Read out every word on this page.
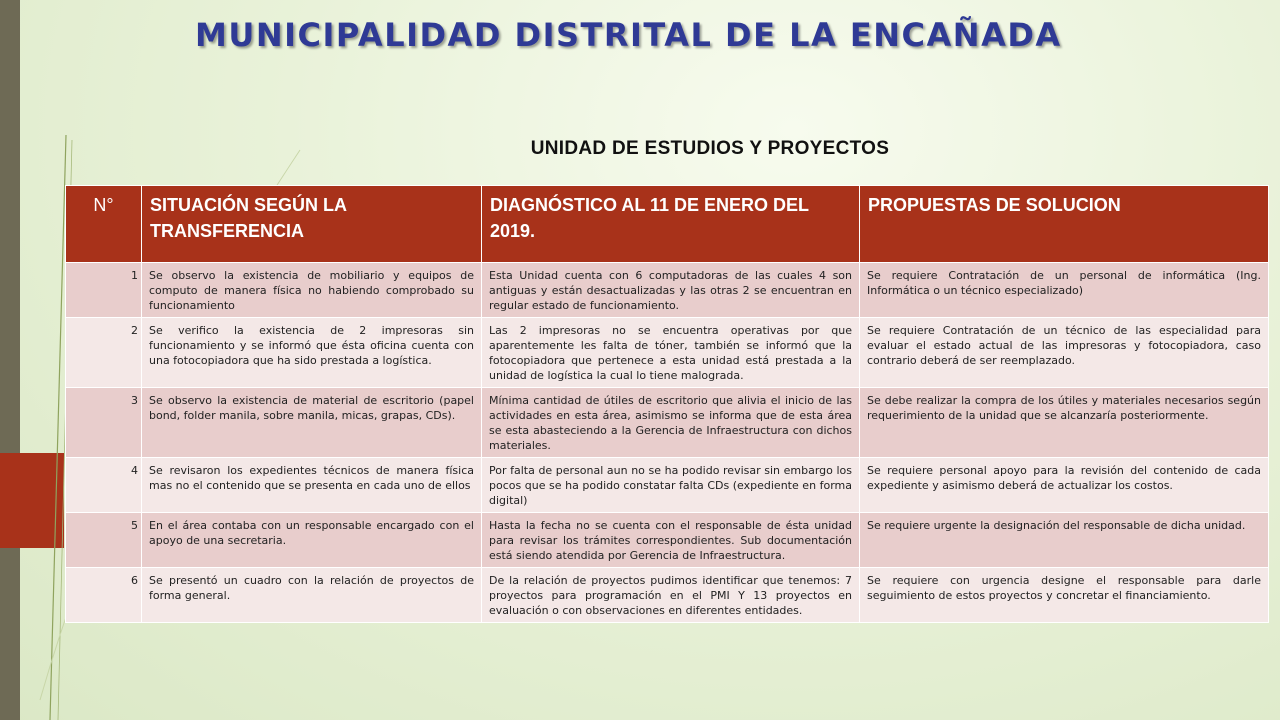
MUNICIPALIDAD DISTRITAL DE LA ENCAÑADA
UNIDAD DE ESTUDIOS Y PROYECTOS
N°	SITUACIÓN SEGÚN LA TRANSFERENCIA	DIAGNÓSTICO AL 11 DE ENERO DEL 2019.	PROPUESTAS DE SOLUCION
1	Se observo la existencia de mobiliario y equipos de computo de manera física no habiendo comprobado su funcionamiento	Esta Unidad cuenta con 6 computadoras de las cuales 4 son antiguas y están desactualizadas y las otras 2 se encuentran en regular estado de funcionamiento.	Se requiere Contratación de un personal de informática (Ing. Informática o un técnico especializado)
2	Se verifico la existencia de 2 impresoras sin funcionamiento y se informó que ésta oficina cuenta con una fotocopiadora que ha sido prestada a logística.	Las 2 impresoras no se encuentra operativas por que aparentemente les falta de tóner, también se informó que la fotocopiadora que pertenece a esta unidad está prestada a la unidad de logística la cual lo tiene malograda.	Se requiere Contratación de un técnico de las especialidad para evaluar el estado actual de las impresoras y fotocopiadora, caso contrario deberá de ser reemplazado.
3	Se observo la existencia de material de escritorio (papel bond, folder manila, sobre manila, micas, grapas, CDs).	Mínima cantidad de útiles de escritorio que alivia el inicio de las actividades en esta área, asimismo se informa que de esta área se esta abasteciendo a la Gerencia de Infraestructura con dichos materiales.	Se debe realizar la compra de los útiles y materiales necesarios según requerimiento de la unidad que se alcanzaría posteriormente.
4	Se revisaron los expedientes técnicos de manera física mas no el contenido que se presenta en cada uno de ellos	Por falta de personal aun no se ha podido revisar sin embargo los pocos que se ha podido constatar falta CDs (expediente en forma digital)	Se requiere personal apoyo para la revisión del contenido de cada expediente y asimismo deberá de actualizar los costos.
5	En el área contaba con un responsable encargado con el apoyo de una secretaria.	Hasta la fecha no se cuenta con el responsable de ésta unidad para revisar los trámites correspondientes. Sub documentación está siendo atendida por Gerencia de Infraestructura.	Se requiere urgente la designación del responsable de dicha unidad.
6	Se presentó un cuadro con la relación de proyectos de forma general.	De la relación de proyectos pudimos identificar que tenemos: 7 proyectos para programación en el PMI Y 13 proyectos en evaluación o con observaciones en diferentes entidades.	Se requiere con urgencia designe el responsable para darle seguimiento de estos proyectos y concretar el financiamiento.
